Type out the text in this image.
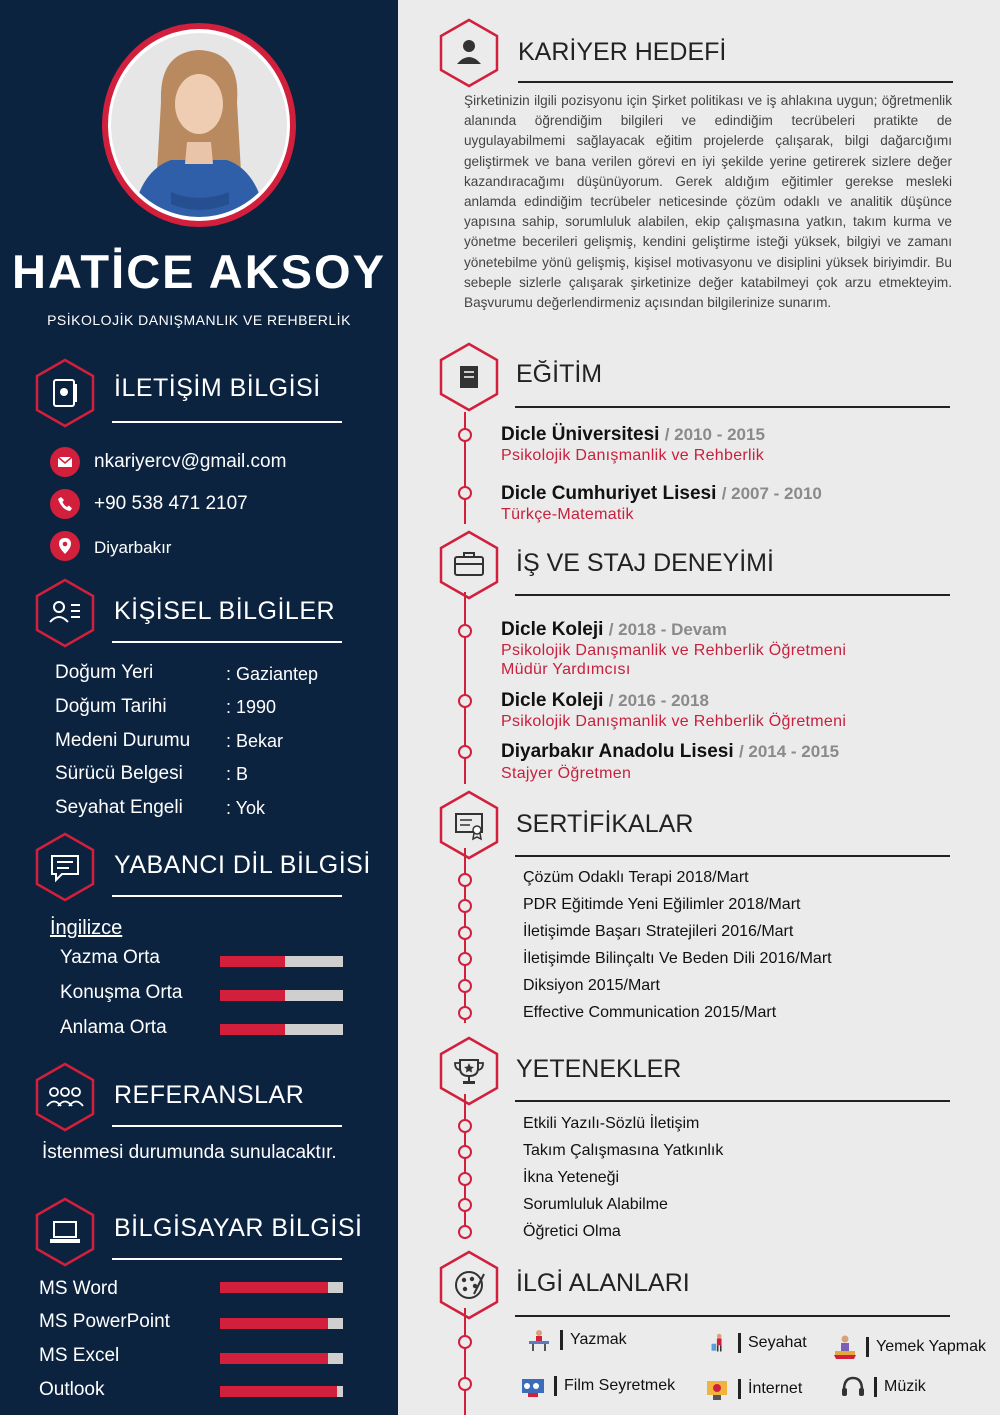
HATİCE AKSOY
PSİKOLOJİK DANIŞMANLIK VE REHBERLİK
İLETİŞİM BİLGİSİ
nkariyercv@gmail.com
+90 538 471 2107
Diyarbakır
KİŞİSEL BİLGİLER
Doğum Yeri	: Gaziantep
Doğum Tarihi	: 1990
Medeni Durumu : Bekar
Sürücü Belgesi : B
Seyahat Engeli : Yok
YABANCI DİL BİLGİSİ
İngilizce
Yazma Orta
Konuşma Orta
Anlama Orta
REFERANSLAR
İstenmesi durumunda sunulacaktır.
BİLGİSAYAR BİLGİSİ
MS Word
MS PowerPoint
MS Excel
Outlook
KARİYER HEDEFİ
Şirketinizin ilgili pozisyonu için Şirket politikası ve iş ahlakına uygun; öğretmenlik alanında öğrendiğim bilgileri ve edindiğim tecrübeleri pratikte de uygulayabilmemi sağlayacak eğitim projelerde çalışarak, bilgi dağarcığımı geliştirmek ve bana verilen görevi en iyi şekilde yerine getirerek sizlere değer kazandıracağımı düşünüyorum. Gerek aldığım eğitimler gerekse mesleki anlamda edindiğim tecrübeler neticesinde çözüm odaklı ve analitik düşünce yapısına sahip, sorumluluk alabilen, ekip çalışmasına yatkın, takım kurma ve yönetme becerileri gelişmiş, kendini geliştirme isteği yüksek, bilgiyi ve zamanı yönetebilme yönü gelişmiş, kişisel motivasyonu ve disiplini yüksek biriyimdir. Bu sebeple sizlerle çalışarak şirketinize değer katabilmeyi çok arzu etmekteyim. Başvurumu değerlendirmeniz açısından bilgilerinize sunarım.
EĞİTİM
Dicle Üniversitesi / 2010 - 2015
Psikolojik Danışmanlik ve Rehberlik
Dicle Cumhuriyet Lisesi / 2007 - 2010
Türkçe-Matematik
İŞ VE STAJ DENEYİMİ
Dicle Koleji / 2018 - Devam
Psikolojik Danışmanlik ve Rehberlik Öğretmeni
Müdür Yardımcısı
Dicle Koleji / 2016 - 2018
Psikolojik Danışmanlik ve Rehberlik Öğretmeni
Diyarbakır Anadolu Lisesi / 2014 - 2015
Stajyer Öğretmen
SERTİFİKALAR
Çözüm Odaklı Terapi 2018/Mart
PDR Eğitimde Yeni Eğilimler 2018/Mart
İletişimde Başarı Stratejileri 2016/Mart
İletişimde Bilinçaltı Ve Beden Dili 2016/Mart
Diksiyon 2015/Mart
Effective Communication 2015/Mart
YETENEKLER
Etkili Yazılı-Sözlü İletişim
Takım Çalışmasına Yatkınlık
İkna Yeteneği
Sorumluluk Alabilme
Öğretici Olma
İLGİ ALANLARI
Yazmak	Seyahat	Yemek Yapmak
Film Seyretmek	İnternet	Müzik
